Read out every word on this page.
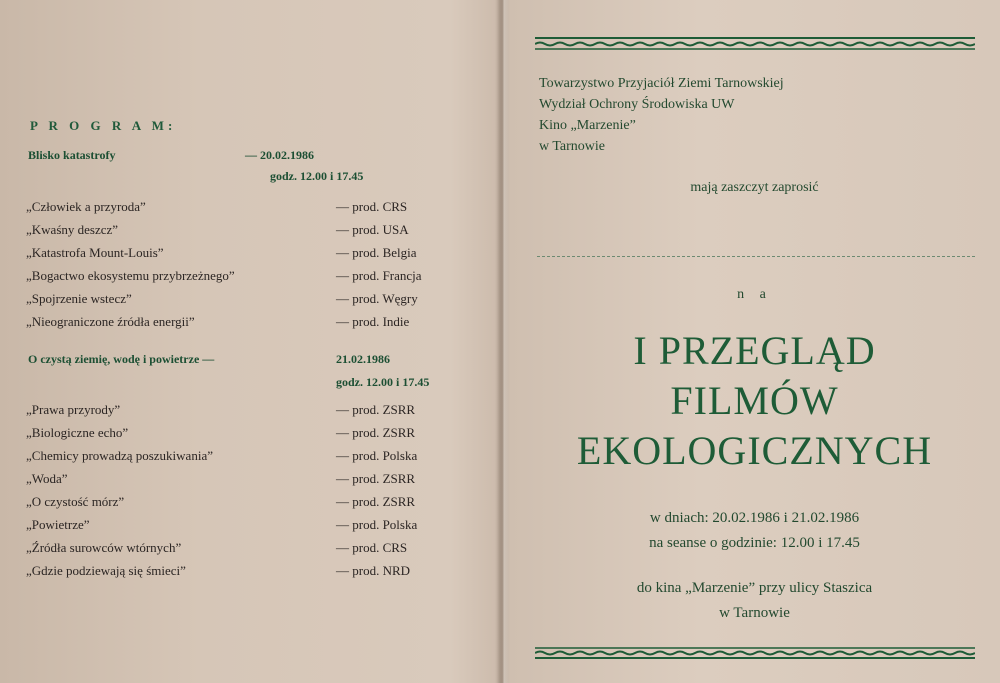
P R O G R A M:
Blisko katastrofy	— 20.02.1986
godz. 12.00 i 17.45
„Człowiek a przyroda”	— prod. CRS
„Kwaśny deszcz”	— prod. USA
„Katastrofa Mount-Louis”	— prod. Belgia
„Bogactwo ekosystemu przybrzeżnego”	— prod. Francja
„Spojrzenie wstecz”	— prod. Węgry
„Nieograniczone źródła energii”	— prod. Indie
O czystą ziemię, wodę i powietrze —	21.02.1986
godz. 12.00 i 17.45
„Prawa przyrody”	— prod. ZSRR
„Biologiczne echo”	— prod. ZSRR
„Chemicy prowadzą poszukiwania”	— prod. Polska
„Woda”	— prod. ZSRR
„O czystość mórz”	— prod. ZSRR
„Powietrze”	— prod. Polska
„Źródła surowców wtórnych”	— prod. CRS
„Gdzie podziewają się śmieci”	— prod. NRD
Towarzystwo Przyjaciół Ziemi Tarnowskiej
Wydział Ochrony Środowiska UW
Kino „Marzenie”
w Tarnowie
mają zaszczyt zaprosić
n a
I PRZEGLĄD
FILMÓW
EKOLOGICZNYCH
w dniach: 20.02.1986 i 21.02.1986
na seanse o godzinie: 12.00 i 17.45
do kina „Marzenie” przy ulicy Staszica
w Tarnowie
